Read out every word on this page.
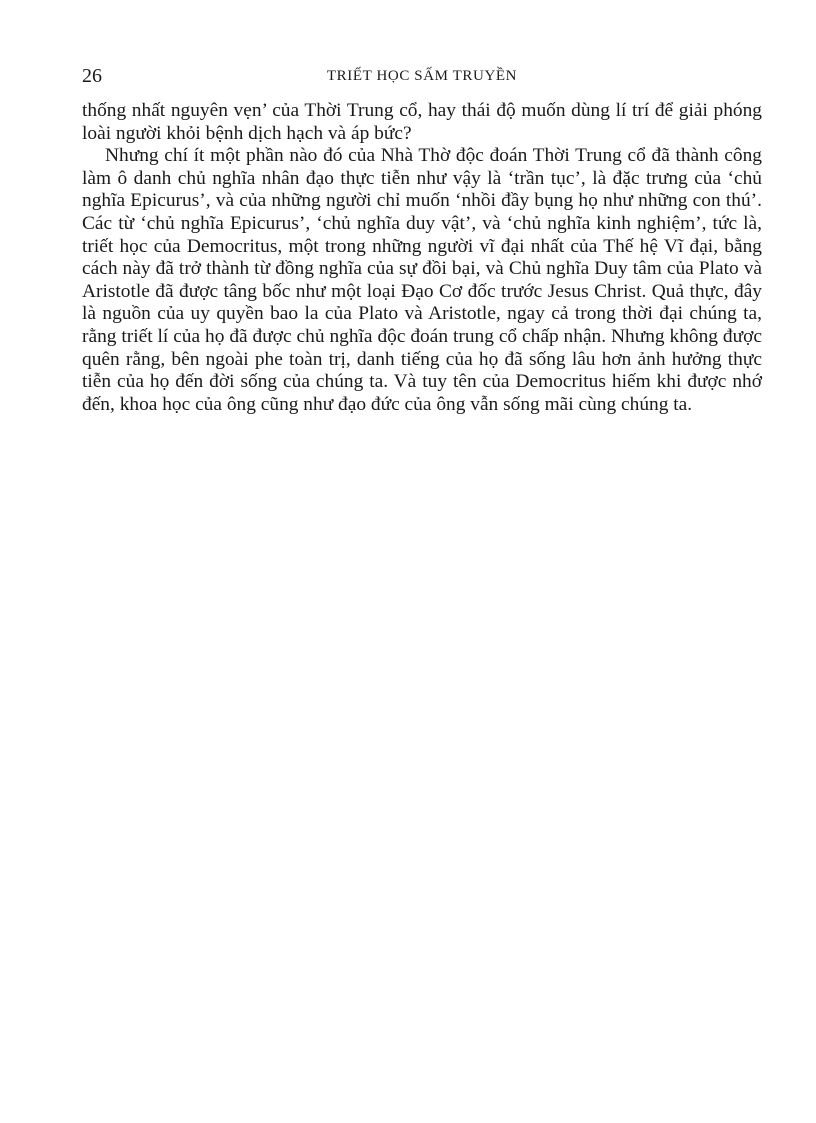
26	TRIẾT HỌC SẤM TRUYỀN

thống nhất nguyên vẹn’ của Thời Trung cổ, hay thái độ muốn dùng lí trí để giải phóng loài người khỏi bệnh dịch hạch và áp bức?

Nhưng chí ít một phần nào đó của Nhà Thờ độc đoán Thời Trung cổ đã thành công làm ô danh chủ nghĩa nhân đạo thực tiễn như vậy là ‘trần tục’, là đặc trưng của ‘chủ nghĩa Epicurus’, và của những người chỉ muốn ‘nhồi đầy bụng họ như những con thú’. Các từ ‘chủ nghĩa Epicurus’, ‘chủ nghĩa duy vật’, và ‘chủ nghĩa kinh nghiệm’, tức là, triết học của Democritus, một trong những người vĩ đại nhất của Thế hệ Vĩ đại, bằng cách này đã trở thành từ đồng nghĩa của sự đồi bại, và Chủ nghĩa Duy tâm của Plato và Aristotle đã được tâng bốc như một loại Đạo Cơ đốc trước Jesus Christ. Quả thực, đây là nguồn của uy quyền bao la của Plato và Aristotle, ngay cả trong thời đại chúng ta, rằng triết lí của họ đã được chủ nghĩa độc đoán trung cổ chấp nhận. Nhưng không được quên rằng, bên ngoài phe toàn trị, danh tiếng của họ đã sống lâu hơn ảnh hưởng thực tiễn của họ đến đời sống của chúng ta. Và tuy tên của Democritus hiếm khi được nhớ đến, khoa học của ông cũng như đạo đức của ông vẫn sống mãi cùng chúng ta.
